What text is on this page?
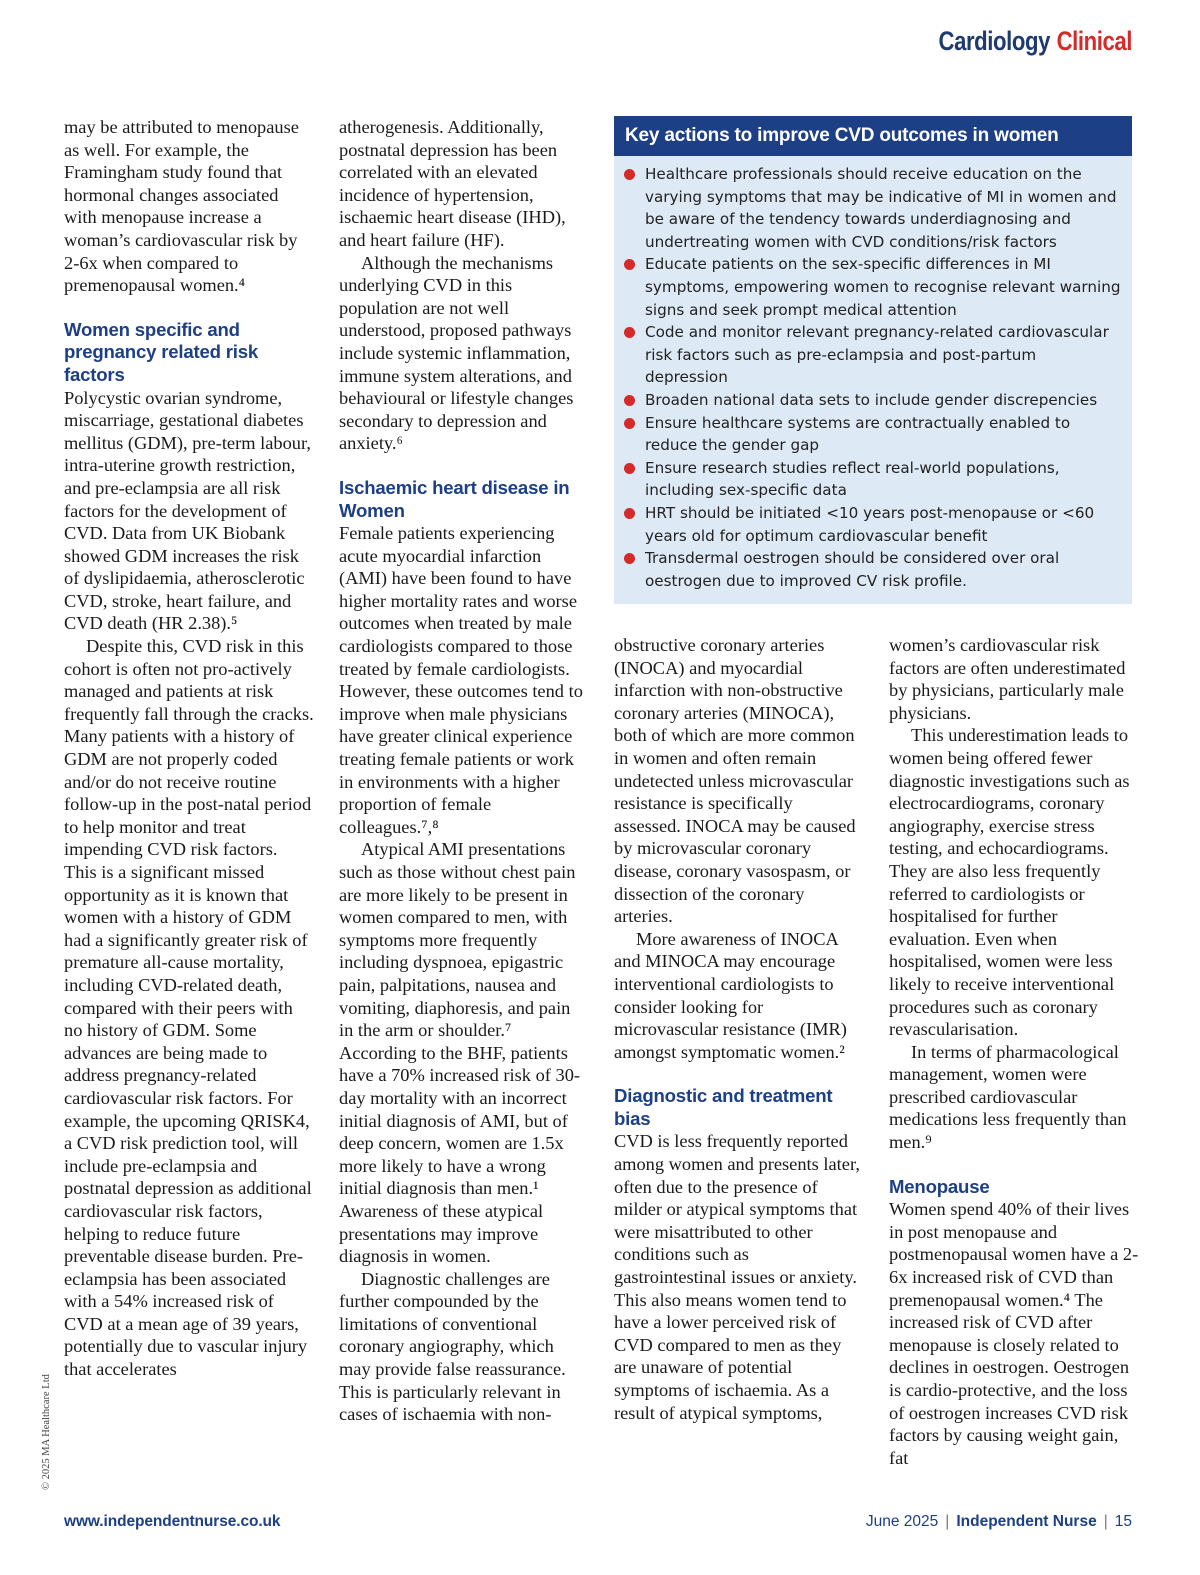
Cardiology Clinical

may be attributed to menopause as well. For example, the Framingham study found that hormonal changes associated with menopause increase a woman’s cardiovascular risk by 2-6x when compared to premenopausal women.⁴

Women specific and pregnancy related risk factors

Polycystic ovarian syndrome, miscarriage, gestational diabetes mellitus (GDM), pre-term labour, intra-uterine growth restriction, and pre-eclampsia are all risk factors for the development of CVD. Data from UK Biobank showed GDM increases the risk of dyslipidaemia, atherosclerotic CVD, stroke, heart failure, and CVD death (HR 2.38).⁵

Despite this, CVD risk in this cohort is often not pro-actively managed and patients at risk frequently fall through the cracks. Many patients with a history of GDM are not properly coded and/or do not receive routine follow-up in the post-natal period to help monitor and treat impending CVD risk factors. This is a significant missed opportunity as it is known that women with a history of GDM had a significantly greater risk of premature all-cause mortality, including CVD-related death, compared with their peers with no history of GDM. Some advances are being made to address pregnancy-related cardiovascular risk factors. For example, the upcoming QRISK4, a CVD risk prediction tool, will include pre-eclampsia and postnatal depression as additional cardiovascular risk factors, helping to reduce future preventable disease burden. Pre-eclampsia has been associated with a 54% increased risk of CVD at a mean age of 39 years, potentially due to vascular injury that accelerates

atherogenesis. Additionally, postnatal depression has been correlated with an elevated incidence of hypertension, ischaemic heart disease (IHD), and heart failure (HF).

Although the mechanisms underlying CVD in this population are not well understood, proposed pathways include systemic inflammation, immune system alterations, and behavioural or lifestyle changes secondary to depression and anxiety.⁶

Ischaemic heart disease in Women

Female patients experiencing acute myocardial infarction (AMI) have been found to have higher mortality rates and worse outcomes when treated by male cardiologists compared to those treated by female cardiologists. However, these outcomes tend to improve when male physicians have greater clinical experience treating female patients or work in environments with a higher proportion of female colleagues.⁷,⁸

Atypical AMI presentations such as those without chest pain are more likely to be present in women compared to men, with symptoms more frequently including dyspnoea, epigastric pain, palpitations, nausea and vomiting, diaphoresis, and pain in the arm or shoulder.⁷ According to the BHF, patients have a 70% increased risk of 30-day mortality with an incorrect initial diagnosis of AMI, but of deep concern, women are 1.5x more likely to have a wrong initial diagnosis than men.¹ Awareness of these atypical presentations may improve diagnosis in women.

Diagnostic challenges are further compounded by the limitations of conventional coronary angiography, which may provide false reassurance. This is particularly relevant in cases of ischaemia with non-

Key actions to improve CVD outcomes in women
Healthcare professionals should receive education on the varying symptoms that may be indicative of MI in women and be aware of the tendency towards underdiagnosing and undertreating women with CVD conditions/risk factors
Educate patients on the sex-specific differences in MI symptoms, empowering women to recognise relevant warning signs and seek prompt medical attention
Code and monitor relevant pregnancy-related cardiovascular risk factors such as pre-eclampsia and post-partum depression
Broaden national data sets to include gender discrepencies
Ensure healthcare systems are contractually enabled to reduce the gender gap
Ensure research studies reflect real-world populations, including sex-specific data
HRT should be initiated <10 years post-menopause or <60 years old for optimum cardiovascular benefit
Transdermal oestrogen should be considered over oral oestrogen due to improved CV risk profile.

obstructive coronary arteries (INOCA) and myocardial infarction with non-obstructive coronary arteries (MINOCA), both of which are more common in women and often remain undetected unless microvascular resistance is specifically assessed. INOCA may be caused by microvascular coronary disease, coronary vasospasm, or dissection of the coronary arteries.

More awareness of INOCA and MINOCA may encourage interventional cardiologists to consider looking for microvascular resistance (IMR) amongst symptomatic women.²

Diagnostic and treatment bias

CVD is less frequently reported among women and presents later, often due to the presence of milder or atypical symptoms that were misattributed to other conditions such as gastrointestinal issues or anxiety. This also means women tend to have a lower perceived risk of CVD compared to men as they are unaware of potential symptoms of ischaemia. As a result of atypical symptoms,

women’s cardiovascular risk factors are often underestimated by physicians, particularly male physicians.

This underestimation leads to women being offered fewer diagnostic investigations such as electrocardiograms, coronary angiography, exercise stress testing, and echocardiograms. They are also less frequently referred to cardiologists or hospitalised for further evaluation. Even when hospitalised, women were less likely to receive interventional procedures such as coronary revascularisation.

In terms of pharmacological management, women were prescribed cardiovascular medications less frequently than men.⁹

Menopause

Women spend 40% of their lives in post menopause and postmenopausal women have a 2-6x increased risk of CVD than premenopausal women.⁴ The increased risk of CVD after menopause is closely related to declines in oestrogen. Oestrogen is cardio-protective, and the loss of oestrogen increases CVD risk factors by causing weight gain, fat

© 2025 MA Healthcare Ltd
www.independentnurse.co.uk	June 2025 | Independent Nurse | 15
